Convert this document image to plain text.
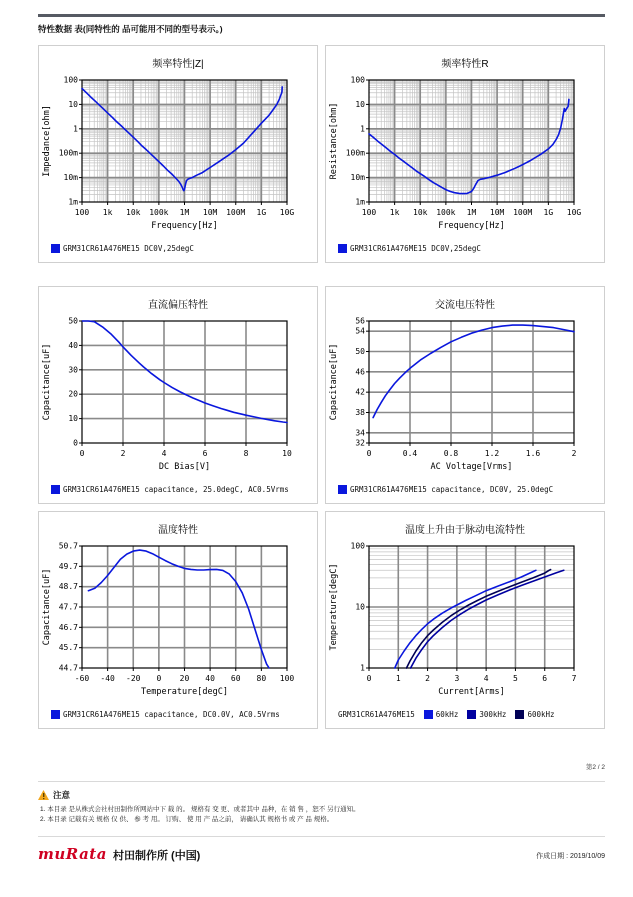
特性数据 表(同特性的 品可能用不同的型号表示。)
频率特性|Z|
100 1k 10k 100k 1M 10M 100M 1G 10G
1m
10m
100m
1
10
100
Frequency[Hz]
Impedance[ohm]
GRM31CR61A476ME15 DC0V,25degC
频率特性R
100 1k 10k 100k 1M 10M 100M 1G 10G
1m
10m
100m
1
10
100
Frequency[Hz]
Resistance[ohm]
GRM31CR61A476ME15 DC0V,25degC
直流偏压特性
0	2	4	6	8	10
0
10
20
30
40
50
DC Bias[V]
Capacitance[uF]
GRM31CR61A476ME15 capacitance, 25.0degC, AC0.5Vrms
交流电压特性
0	0.4	0.8	1.2	1.6	2
32
34
38
42
46
50
54
56
AC Voltage[Vrms]
Capacitance[uF]
GRM31CR61A476ME15 capacitance, DC0V, 25.0degC
温度特性
-60 -40 -20 0 20 40 60 80 100
44.7
45.7
46.7
47.7
48.7
49.7
50.7
Temperature[degC]
Capacitance[uF]
GRM31CR61A476ME15 capacitance, DC0.0V, AC0.5Vrms
温度上升由于脉动电流特性
0	1	2	3	4	5	6	7
1
10
100
Current[Arms]
Temperature[degC]
GRM31CR61A476ME15	60kHz	300kHz	600kHz
第2 / 2
注意
1. 本目录 是从株式会社村田制作所网站中下 载 的。 规格有 变 更、或者其中 品种，在 销 售 ，恕不 另行通知。
2. 本目录 记载有关 规格 仅 供、 参 考 用。 订购、 使 用 产 品之前， 请确认其 规格书 或 产 品 规格。
muRata 村田制作所 (中国)	作成日期 : 2019/10/09
